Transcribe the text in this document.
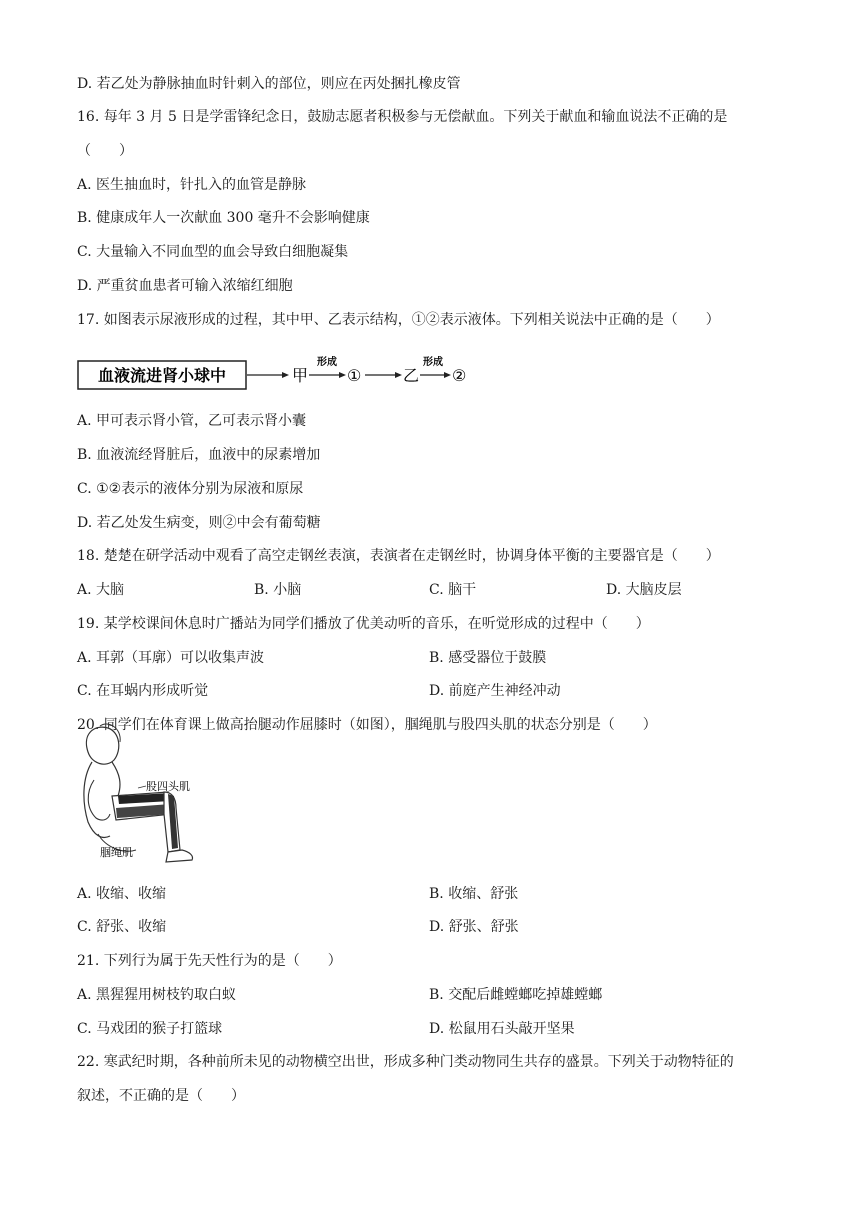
D. 若乙处为静脉抽血时针刺入的部位，则应在丙处捆扎橡皮管
16. 每年 3 月 5 日是学雷锋纪念日，鼓励志愿者积极参与无偿献血。下列关于献血和输血说法不正确的是
（　　）
A. 医生抽血时，针扎入的血管是静脉
B. 健康成年人一次献血 300 毫升不会影响健康
C. 大量输入不同血型的血会导致白细胞凝集
D. 严重贫血患者可输入浓缩红细胞
17. 如图表示尿液形成的过程，其中甲、乙表示结构，①②表示液体。下列相关说法中正确的是（　　）
血液流进肾小球中	甲
形成
①	乙
形成
②
A. 甲可表示肾小管，乙可表示肾小囊
B. 血液流经肾脏后，血液中的尿素增加
C. ①②表示的液体分别为尿液和原尿
D. 若乙处发生病变，则②中会有葡萄糖
18. 楚楚在研学活动中观看了高空走钢丝表演，表演者在走钢丝时，协调身体平衡的主要器官是（　　）
A. 大脑	B. 小脑	C. 脑干	D. 大脑皮层
19. 某学校课间休息时广播站为同学们播放了优美动听的音乐，在听觉形成的过程中（　　）
A. 耳郭（耳廓）可以收集声波	B. 感受器位于鼓膜
C. 在耳蜗内形成听觉	D. 前庭产生神经冲动
20. 同学们在体育课上做高抬腿动作屈膝时（如图），腘绳肌与股四头肌的状态分别是（　　）
股四头肌
腘绳肌
A. 收缩、收缩	B. 收缩、舒张
C. 舒张、收缩	D. 舒张、舒张
21. 下列行为属于先天性行为的是（　　）
A. 黑猩猩用树枝钓取白蚁	B. 交配后雌螳螂吃掉雄螳螂
C. 马戏团的猴子打篮球	D. 松鼠用石头敲开坚果
22. 寒武纪时期，各种前所未见的动物横空出世，形成多种门类动物同生共存的盛景。下列关于动物特征的
叙述，不正确的是（　　）
